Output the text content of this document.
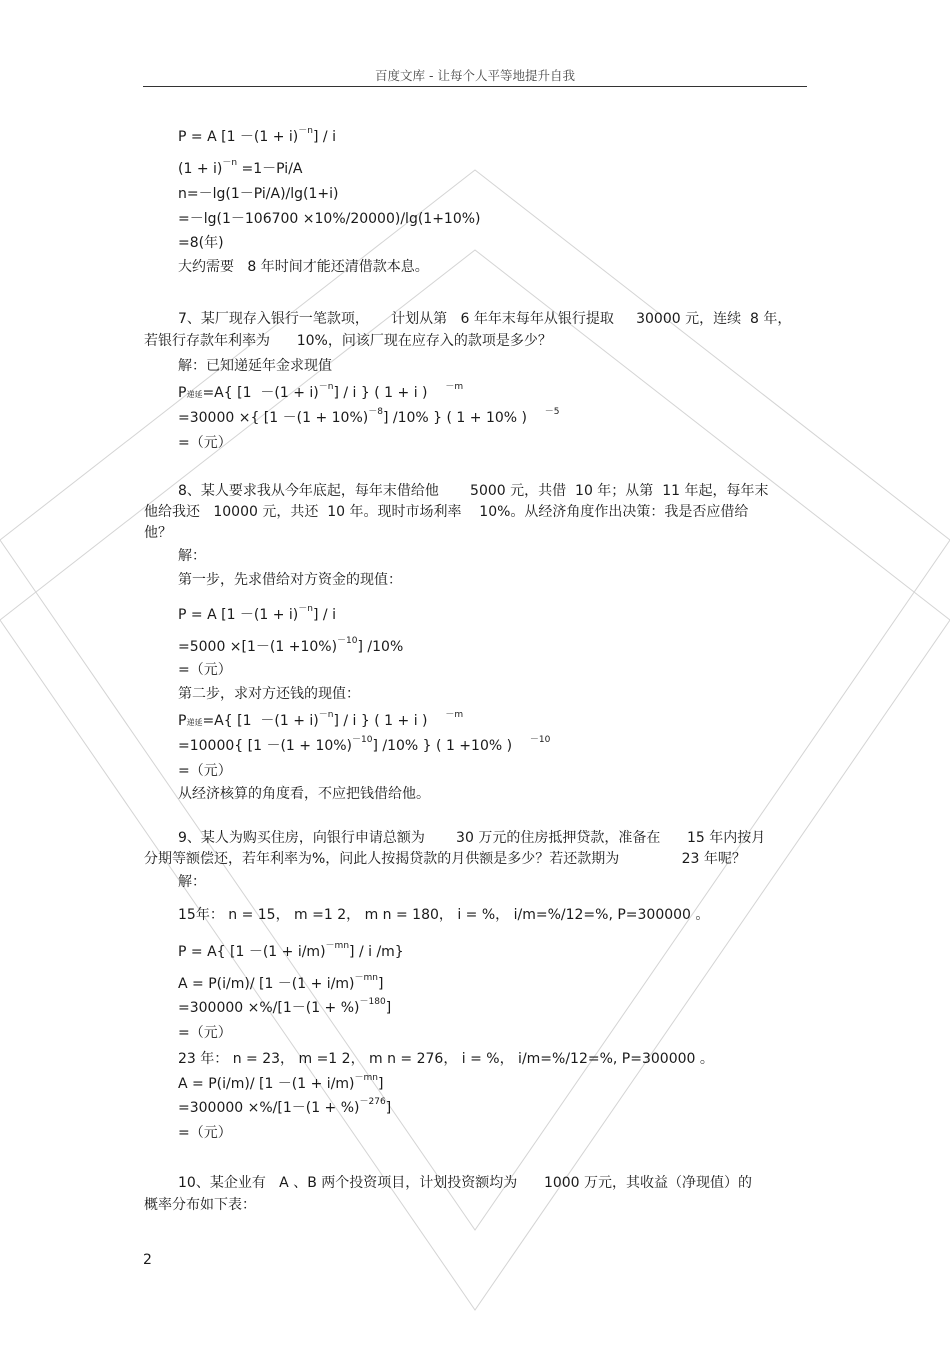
百度文库 - 让每个人平等地提升自我
P = A $[1 -(1 + i)^{-n}] / i$
$(1 + i)^{-n} =1-Pi/A$
n=－lg(1－Pi/A)/lg(1+i)
=－lg(1－106700 ×10%/20000)/lg(1+10%)
=8(年)
大约需要   8 年时间才能还清借款本息。
7、某厂现存入银行一笔款项，     计划从第   6 年年末每年从银行提取     30000 元，连续  8 年，
若银行存款年利率为      10%，问该厂现在应存入的款项是多少？
解：已知递延年金求现值
P递延=A{ $[1 -(1 + i)^{-n}] / i$ } ( 1 + i ) $^{-m}$
=30000 ×{ $[1 -(1 + 10\%)^{-8}]$ /10% } ( 1 + 10% ) $^{-5}$
=（元）
8、某人要求我从今年底起，每年末借给他       5000 元，共借  10 年；从第  11 年起，每年末
他给我还   10000 元，共还  10 年。现时市场利率    10%。从经济角度作出决策：我是否应借给
他？
解：
第一步，先求借给对方资金的现值：
P = A $[1 -(1 + i)^{-n}] / i$
$=5000 \times[1-(1 +10\%)^{-10}]$ /10%
=（元）
第二步，求对方还钱的现值：
P递延=A{ $[1 -(1 + i)^{-n}] / i$ } ( 1 + i ) $^{-m}$
=10000{ $[1 -(1 + 10\%)^{-10}]$ /10% } ( 1 +10% ) $^{-10}$
=（元）
从经济核算的角度看，不应把钱借给他。
9、某人为购买住房，向银行申请总额为       30 万元的住房抵押贷款，准备在      15 年内按月
分期等额偿还，若年利率为%，问此人按揭贷款的月供额是多少？若还款期为              23 年呢？
解：
15年： n = 15， m =1 2， m n = 180， i = %， i/m=%/12=%, P=300000 。
P = A{ $[1 -(1 + i/m)^{-mn}] / i$ /m}
A = P(i/m)/ $[1 -(1 + i/m)^{-mn}]$
=300000 ×%/[1－(1 + %)$^{-180}$]
=（元）
23 年： n = 23， m =1 2， m n = 276， i = %， i/m=%/12=%, P=300000 。
A = P(i/m)/ $[1 -(1 + i/m)^{-mn}]$
=300000 ×%/[1－(1 + %)$^{-276}$]
=（元）
10、某企业有   A 、B 两个投资项目，计划投资额均为      1000 万元，其收益（净现值）的
概率分布如下表：
2
